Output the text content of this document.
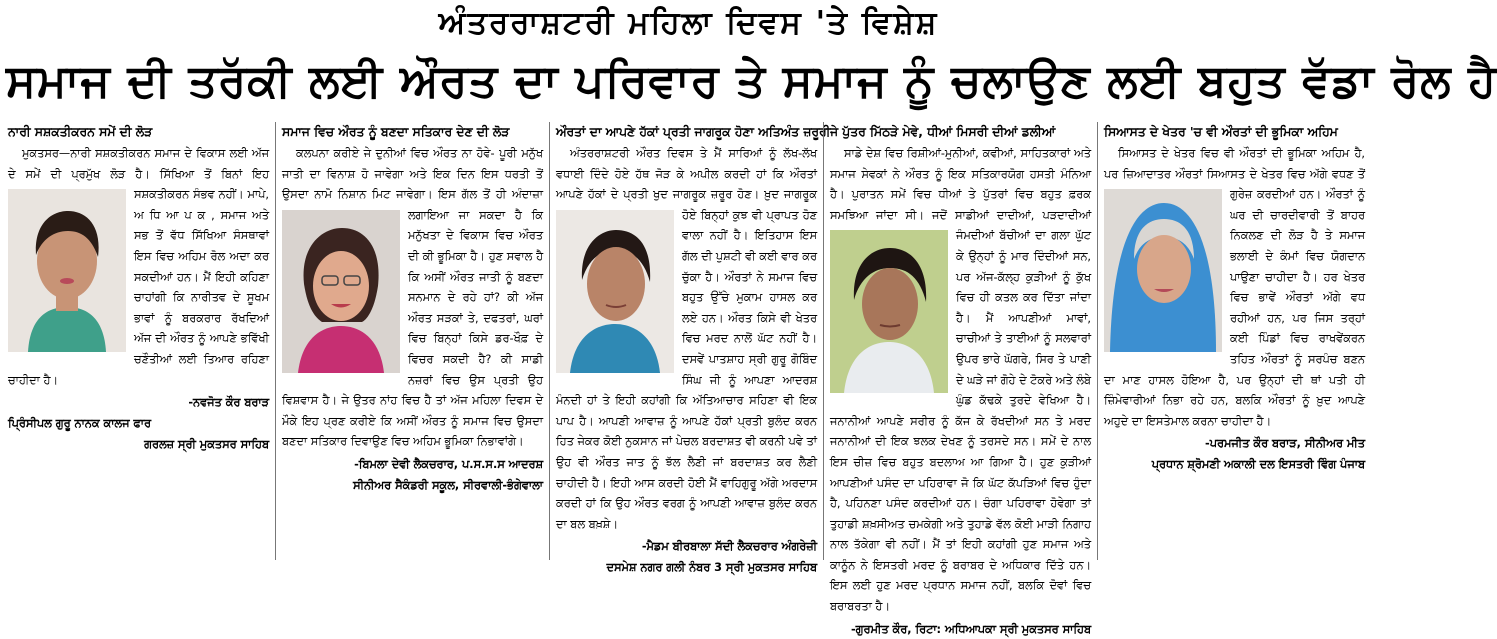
ਅੰਤਰਰਾਸ਼ਟਰੀ ਮਹਿਲਾ ਦਿਵਸ 'ਤੇ ਵਿਸ਼ੇਸ਼
ਸਮਾਜ ਦੀ ਤਰੱਕੀ ਲਈ ਔਰਤ ਦਾ ਪਰਿਵਾਰ ਤੇ ਸਮਾਜ ਨੂੰ ਚਲਾਉਣ ਲਈ ਬਹੁਤ ਵੱਡਾ ਰੋਲ ਹੈ
ਨਾਰੀ ਸਸ਼ਕਤੀਕਰਨ ਸਮੇਂ ਦੀ ਲੋੜ
ਮੁਕਤਸਰ—ਨਾਰੀ ਸਸ਼ਕਤੀਕਰਨ ਸਮਾਜ ਦੇ ਵਿਕਾਸ ਲਈ ਅੱਜ ਦੇ ਸਮੇਂ ਦੀ ਪ੍ਰਮੁੱਖ ਲੋੜ ਹੈ। ਸਿੱਖਿਆ ਤੋਂ ਬਿਨਾਂ ਇਹ ਸਸ਼ਕਤੀਕਰਨ ਸੰਭਵ ਨਹੀਂ। ਮਾਪੇ, ਅ ਧਿ ਆ ਪ ਕ , ਸਮਾਜ ਅਤੇ ਸਭ ਤੋਂ ਵੱਧ ਸਿੱਖਿਆ ਸੰਸਥਾਵਾਂ ਇਸ ਵਿਚ ਅਹਿਮ ਰੋਲ ਅਦਾ ਕਰ ਸਕਦੀਆਂ ਹਨ। ਮੈਂ ਇਹੀ ਕਹਿਣਾ ਚਾਹਾਂਗੀ ਕਿ ਨਾਰੀਤਵ ਦੇ ਸੂਖਮ ਭਾਵਾਂ ਨੂੰ ਬਰਕਰਾਰ ਰੱਖਦਿਆਂ ਅੱਜ ਦੀ ਔਰਤ ਨੂੰ ਆਪਣੇ ਭਵਿੱਖੀ ਚਣੌਤੀਆਂ ਲਈ ਤਿਆਰ ਰਹਿਣਾ ਚਾਹੀਦਾ ਹੈ।
-ਨਵਜੋਤ ਕੌਰ ਬਰਾੜ
ਪ੍ਰਿੰਸੀਪਲ ਗੁਰੂ ਨਾਨਕ ਕਾਲਜ ਫਾਰ
ਗਰਲਜ਼ ਸ੍ਰੀ ਮੁਕਤਸਰ ਸਾਹਿਬ
ਸਮਾਜ ਵਿਚ ਔਰਤ ਨੂੰ ਬਣਦਾ ਸਤਿਕਾਰ ਦੇਣ ਦੀ ਲੋੜ
ਕਲਪਨਾ ਕਰੀਏ ਜੇ ਦੁਨੀਆਂ ਵਿਚ ਔਰਤ ਨਾ ਹੋਵੇ- ਪੂਰੀ ਮਨੁੱਖ ਜਾਤੀ ਦਾ ਵਿਨਾਸ਼ ਹੋ ਜਾਵੇਗਾ ਅਤੇ ਇਕ ਦਿਨ ਇਸ ਧਰਤੀ ਤੋਂ ਉਸਦਾ ਨਾਮੋ ਨਿਸ਼ਾਨ ਮਿਟ ਜਾਵੇਗਾ। ਇਸ ਗੱਲ ਤੋਂ ਹੀ ਅੰਦਾਜ਼ਾ ਲਗਾਇਆ ਜਾ ਸਕਦਾ ਹੈ ਕਿ ਮਨੁੱਖਤਾ ਦੇ ਵਿਕਾਸ ਵਿਚ ਔਰਤ ਦੀ ਕੀ ਭੂਮਿਕਾ ਹੈ। ਹੁਣ ਸਵਾਲ ਹੈ ਕਿ ਅਸੀਂ ਔਰਤ ਜਾਤੀ ਨੂੰ ਬਣਦਾ ਸਨਮਾਨ ਦੇ ਰਹੇ ਹਾਂ? ਕੀ ਅੱਜ ਔਰਤ ਸੜਕਾਂ ਤੇ, ਦਫਤਰਾਂ, ਘਰਾਂ ਵਿਚ ਬਿਨ੍ਹਾਂ ਕਿਸੇ ਡਰ-ਖੌਫ਼ ਦੇ ਵਿਚਰ ਸਕਦੀ ਹੈ? ਕੀ ਸਾਡੀ ਨਜ਼ਰਾਂ ਵਿਚ ਉਸ ਪ੍ਰਤੀ ਉਹ ਵਿਸ਼ਵਾਸ ਹੈ। ਜੇ ਉਤਰ ਨਾਂਹ ਵਿਚ ਹੈ ਤਾਂ ਅੱਜ ਮਹਿਲਾ ਦਿਵਸ ਦੇ ਮੌਕੇ ਇਹ ਪ੍ਰਣ ਕਰੀਏ ਕਿ ਅਸੀਂ ਔਰਤ ਨੂੰ ਸਮਾਜ ਵਿਚ ਉਸਦਾ ਬਣਦਾ ਸਤਿਕਾਰ ਦਿਵਾਉਣ ਵਿਚ ਅਹਿਮ ਭੂਮਿਕਾ ਨਿਭਾਵਾਂਗੇ।
-ਬਿਮਲਾ ਦੇਵੀ ਲੈਕਚਰਾਰ, ਪ.ਸ.ਸ.ਸ ਆਦਰਸ਼
ਸੀਨੀਅਰ ਸੈਕੰਡਰੀ ਸਕੂਲ, ਸੀਰਵਾਲੀ-ਭੰਗੇਵਾਲਾ
ਔਰਤਾਂ ਦਾ ਆਪਣੇ ਹੱਕਾਂ ਪ੍ਰਤੀ ਜਾਗਰੂਕ ਹੋਣਾ ਅਤਿਅੰਤ ਜ਼ਰੂਰੀ
ਅੰਤਰਰਾਸ਼ਟਰੀ ਔਰਤ ਦਿਵਸ ਤੇ ਮੈਂ ਸਾਰਿਆਂ ਨੂੰ ਲੱਖ-ਲੱਖ ਵਧਾਈ ਦਿੰਦੇ ਹੋਏ ਹੱਥ ਜੋੜ ਕੇ ਅਪੀਲ ਕਰਦੀ ਹਾਂ ਕਿ ਔਰਤਾਂ ਆਪਣੇ ਹੱਕਾਂ ਦੇ ਪ੍ਰਤੀ ਖੁਦ ਜਾਗਰੂਕ ਜ਼ਰੂਰ ਹੋਣ। ਖ਼ੁਦ ਜਾਗਰੂਕ ਹੋਏ ਬਿਨ੍ਹਾਂ ਕੁਝ ਵੀ ਪ੍ਰਾਪਤ ਹੋਣ ਵਾਲਾ ਨਹੀਂ ਹੈ। ਇਤਿਹਾਸ ਇਸ ਗੱਲ ਦੀ ਪੁਸ਼ਟੀ ਵੀ ਕਈ ਵਾਰ ਕਰ ਚੁੱਕਾ ਹੈ। ਔਰਤਾਂ ਨੇ ਸਮਾਜ ਵਿਚ ਬਹੁਤ ਉੱਚੇ ਮੁਕਾਮ ਹਾਸਲ ਕਰ ਲਏ ਹਨ। ਔਰਤ ਕਿਸੇ ਵੀ ਖੇਤਰ ਵਿਚ ਮਰਦ ਨਾਲੋਂ ਘੱਟ ਨਹੀਂ ਹੈ। ਦਸਵੇਂ ਪਾਤਸ਼ਾਹ ਸ੍ਰੀ ਗੁਰੂ ਗੋਬਿੰਦ ਸਿੰਘ ਜੀ ਨੂੰ ਆਪਣਾ ਆਦਰਸ਼ ਮੰਨਦੀ ਹਾਂ ਤੇ ਇਹੀ ਕਹਾਂਗੀ ਕਿ ਅੱਤਿਆਚਾਰ ਸਹਿਣਾ ਵੀ ਇਕ ਪਾਪ ਹੈ। ਆਪਣੀ ਆਵਾਜ਼ ਨੂੰ ਆਪਣੇ ਹੱਕਾਂ ਪ੍ਰਤੀ ਬੁਲੰਦ ਕਰਨ ਹਿਤ ਜੇਕਰ ਕੋਈ ਨੁਕਸਾਨ ਜਾਂ ਪੇਚਲ ਬਰਦਾਸ਼ਤ ਵੀ ਕਰਨੀ ਪਵੇ ਤਾਂ ਉਹ ਵੀ ਔਰਤ ਜਾਤ ਨੂੰ ਝੱਲ ਲੈਣੀ ਜਾਂ ਬਰਦਾਸ਼ਤ ਕਰ ਲੈਣੀ ਚਾਹੀਦੀ ਹੈ। ਇਹੀ ਆਸ ਕਰਦੀ ਹੋਈ ਮੈਂ ਵਾਹਿਗੁਰੂ ਅੱਗੇ ਅਰਦਾਸ ਕਰਦੀ ਹਾਂ ਕਿ ਉਹ ਔਰਤ ਵਰਗ ਨੂੰ ਆਪਣੀ ਆਵਾਜ਼ ਬੁਲੰਦ ਕਰਨ ਦਾ ਬਲ ਬਖ਼ਸ਼ੇ।
-ਮੈਡਮ ਬੀਰਬਾਲਾ ਸੱਦੀ ਲੈਕਚਰਾਰ ਅੰਗਰੇਜ਼ੀ
ਦਸਮੇਸ਼ ਨਗਰ ਗਲੀ ਨੰਬਰ 3 ਸ੍ਰੀ ਮੁਕਤਸਰ ਸਾਹਿਬ
ਜੇ ਪੁੱਤਰ ਮਿੱਠੜੇ ਮੇਵੇ, ਧੀਆਂ ਮਿਸਰੀ ਦੀਆਂ ਡਲੀਆਂ
ਸਾਡੇ ਦੇਸ਼ ਵਿਚ ਰਿਸ਼ੀਆਂ-ਮੁਨੀਆਂ, ਕਵੀਆਂ, ਸਾਹਿਤਕਾਰਾਂ ਅਤੇ ਸਮਾਜ ਸੇਵਕਾਂ ਨੇ ਔਰਤ ਨੂੰ ਇਕ ਸਤਿਕਾਰਯੋਗ ਹਸਤੀ ਮੰਨਿਆ ਹੈ। ਪੁਰਾਤਨ ਸਮੇਂ ਵਿਚ ਧੀਆਂ ਤੇ ਪੁੱਤਰਾਂ ਵਿਚ ਬਹੁਤ ਫ਼ਰਕ ਸਮਝਿਆ ਜਾਂਦਾ ਸੀ। ਜਦੋਂ ਸਾਡੀਆਂ ਦਾਦੀਆਂ, ਪੜਦਾਦੀਆਂ ਜੰਮਦੀਆਂ ਬੱਚੀਆਂ ਦਾ ਗਲਾ ਘੁੱਟ ਕੇ ਉਨ੍ਹਾਂ ਨੂੰ ਮਾਰ ਦਿੰਦੀਆਂ ਸਨ, ਪਰ ਅੱਜ-ਕੱਲ੍ਹ ਕੁੜੀਆਂ ਨੂੰ ਕੁੱਖ ਵਿਚ ਹੀ ਕਤਲ ਕਰ ਦਿੱਤਾ ਜਾਂਦਾ ਹੈ। ਮੈਂ ਆਪਣੀਆਂ ਮਾਵਾਂ, ਚਾਚੀਆਂ ਤੇ ਤਾਈਆਂ ਨੂੰ ਸਲਵਾਰਾਂ ਉਪਰ ਭਾਰੇ ਘੱਗਰੇ, ਸਿਰ ਤੇ ਪਾਣੀ ਦੇ ਘੜੇ ਜਾਂ ਗੋਹੇ ਦੇ ਟੋਕਰੇ ਅਤੇ ਲੰਬੇ ਘੁੰਡ ਕੱਢਕੇ ਤੁਰਦੇ ਵੇਖਿਆ ਹੈ। ਜਨਾਨੀਆਂ ਆਪਣੇ ਸਰੀਰ ਨੂੰ ਕੱਜ ਕੇ ਰੱਖਦੀਆਂ ਸਨ ਤੇ ਮਰਦ ਜਨਾਨੀਆਂ ਦੀ ਇਕ ਝਲਕ ਦੇਖਣ ਨੂੰ ਤਰਸਦੇ ਸਨ। ਸਮੇਂ ਦੇ ਨਾਲ ਇਸ ਚੀਜ਼ ਵਿਚ ਬਹੁਤ ਬਦਲਾਅ ਆ ਗਿਆ ਹੈ। ਹੁਣ ਕੁੜੀਆਂ ਆਪਣੀਆਂ ਪਸੰਦ ਦਾ ਪਹਿਰਾਵਾ ਜੋ ਕਿ ਘੱਟ ਕੱਪੜਿਆਂ ਵਿਚ ਹੁੰਦਾ ਹੈ, ਪਹਿਨਣਾ ਪਸੰਦ ਕਰਦੀਆਂ ਹਨ। ਚੰਗਾ ਪਹਿਰਾਵਾ ਹੋਵੇਗਾ ਤਾਂ ਤੁਹਾਡੀ ਸ਼ਖ਼ਸੀਅਤ ਚਮਕੇਗੀ ਅਤੇ ਤੁਹਾਡੇ ਵੱਲ ਕੋਈ ਮਾੜੀ ਨਿਗਾਹ ਨਾਲ ਤੱਕੇਗਾ ਵੀ ਨਹੀਂ। ਮੈਂ ਤਾਂ ਇਹੀ ਕਹਾਂਗੀ ਹੁਣ ਸਮਾਜ ਅਤੇ ਕਾਨੂੰਨ ਨੇ ਇਸਤਰੀ ਮਰਦ ਨੂੰ ਬਰਾਬਰ ਦੇ ਅਧਿਕਾਰ ਦਿੱਤੇ ਹਨ। ਇਸ ਲਈ ਹੁਣ ਮਰਦ ਪ੍ਰਧਾਨ ਸਮਾਜ ਨਹੀਂ, ਬਲਕਿ ਦੋਵਾਂ ਵਿਚ ਬਰਾਬਰਤਾ ਹੈ।
-ਗੁਰਮੀਤ ਕੌਰ, ਰਿਟਾ: ਅਧਿਆਪਕਾ ਸ੍ਰੀ ਮੁਕਤਸਰ ਸਾਹਿਬ
ਸਿਆਸਤ ਦੇ ਖੇਤਰ 'ਚ ਵੀ ਔਰਤਾਂ ਦੀ ਭੂਮਿਕਾ ਅਹਿਮ
ਸਿਆਸਤ ਦੇ ਖੇਤਰ ਵਿਚ ਵੀ ਔਰਤਾਂ ਦੀ ਭੂਮਿਕਾ ਅਹਿਮ ਹੈ, ਪਰ ਜ਼ਿਆਦਾਤਰ ਔਰਤਾਂ ਸਿਆਸਤ ਦੇ ਖੇਤਰ ਵਿਚ ਅੱਗੇ ਵਧਣ ਤੋਂ ਗੁਰੇਜ਼ ਕਰਦੀਆਂ ਹਨ। ਔਰਤਾਂ ਨੂੰ ਘਰ ਦੀ ਚਾਰਦੀਵਾਰੀ ਤੋਂ ਬਾਹਰ ਨਿਕਲਣ ਦੀ ਲੋੜ ਹੈ ਤੇ ਸਮਾਜ ਭਲਾਈ ਦੇ ਕੰਮਾਂ ਵਿਚ ਯੋਗਦਾਨ ਪਾਉਣਾ ਚਾਹੀਦਾ ਹੈ। ਹਰ ਖੇਤਰ ਵਿਚ ਭਾਵੇਂ ਔਰਤਾਂ ਅੱਗੇ ਵਧ ਰਹੀਆਂ ਹਨ, ਪਰ ਜਿਸ ਤਰ੍ਹਾਂ ਕਈ ਪਿੰਡਾਂ ਵਿਚ ਰਾਖਵੇਂਕਰਨ ਤਹਿਤ ਔਰਤਾਂ ਨੂੰ ਸਰਪੰਚ ਬਣਨ ਦਾ ਮਾਣ ਹਾਸਲ ਹੋਇਆ ਹੈ, ਪਰ ਉਨ੍ਹਾਂ ਦੀ ਥਾਂ ਪਤੀ ਹੀ ਜ਼ਿੰਮੇਵਾਰੀਆਂ ਨਿਭਾ ਰਹੇ ਹਨ, ਬਲਕਿ ਔਰਤਾਂ ਨੂੰ ਖ਼ੁਦ ਆਪਣੇ ਅਹੁਦੇ ਦਾ ਇਸਤੇਮਾਲ ਕਰਨਾ ਚਾਹੀਦਾ ਹੈ।
-ਪਰਮਜੀਤ ਕੌਰ ਬਰਾੜ, ਸੀਨੀਅਰ ਮੀਤ
ਪ੍ਰਧਾਨ ਸ਼੍ਰੋਮਣੀ ਅਕਾਲੀ ਦਲ ਇਸਤਰੀ ਵਿੰਗ ਪੰਜਾਬ
